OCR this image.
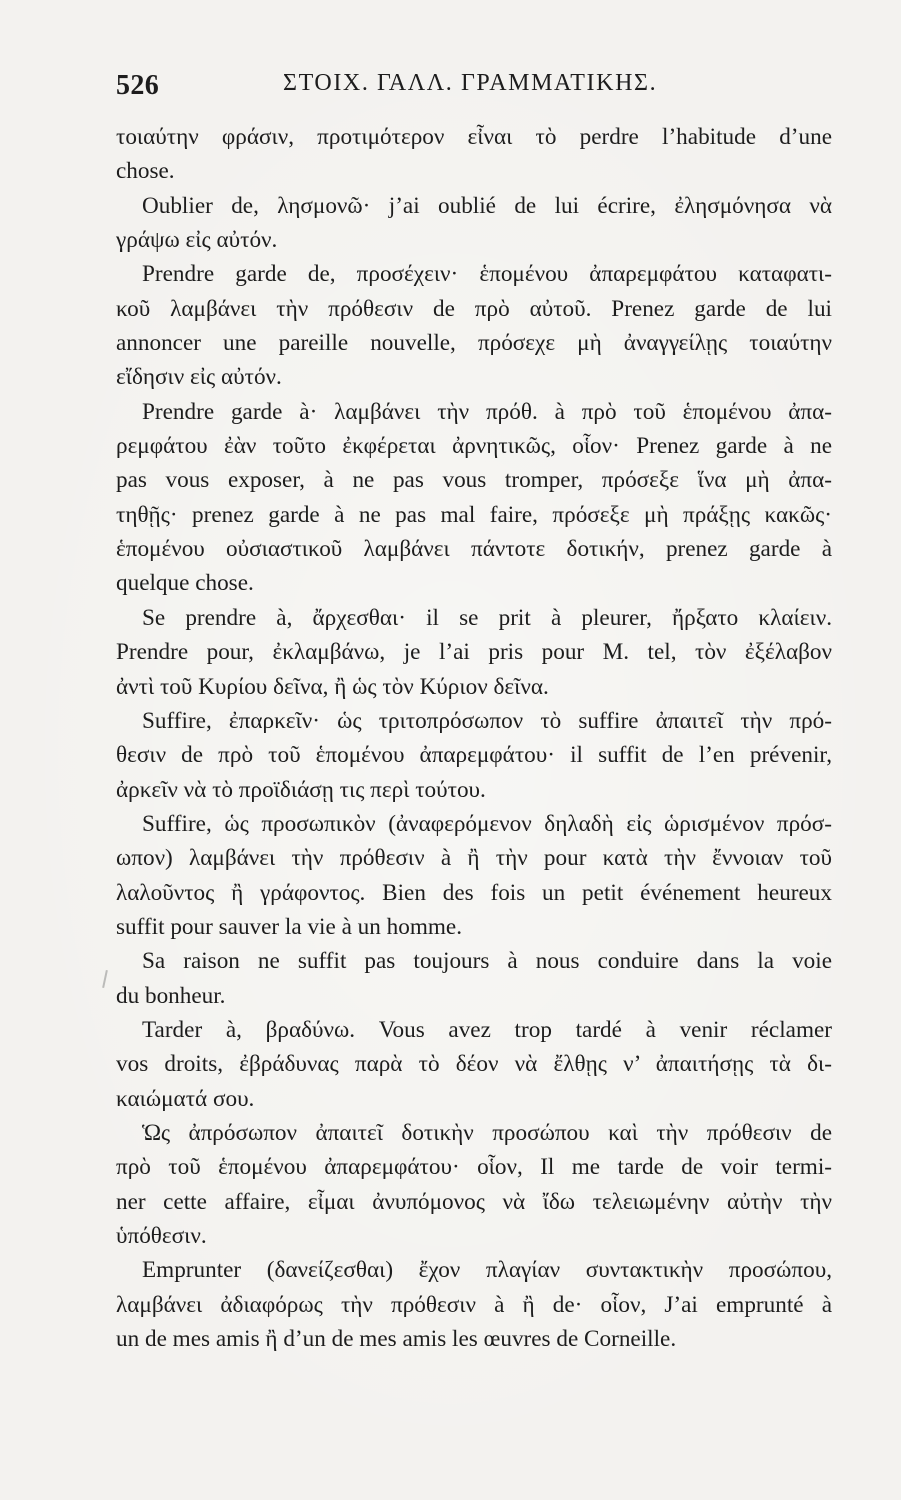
526	ΣΤΟΙΧ. ΓΑΛΛ. ΓΡΑΜΜΑΤΙΚΗΣ.
τοιαύτην φράσιν, προτιμότερον εἶναι τὸ perdre l’habitude d’une
chose.
Oublier de, λησμονῶ· j’ai oublié de lui écrire, ἐλησμόνησα νὰ
γράψω εἰς αὐτόν.
Prendre garde de, προσέχειν· ἑπομένου ἀπαρεμφάτου καταφατι-
κοῦ λαμβάνει τὴν πρόθεσιν de πρὸ αὐτοῦ. Prenez garde de lui
annoncer une pareille nouvelle, πρόσεχε μὴ ἀναγγείλῃς τοιαύτην
εἴδησιν εἰς αὐτόν.
Prendre garde à· λαμβάνει τὴν πρόθ. à πρὸ τοῦ ἑπομένου ἀπα-
ρεμφάτου ἐὰν τοῦτο ἐκφέρεται ἀρνητικῶς, οἷον· Prenez garde à ne
pas vous exposer, à ne pas vous tromper, πρόσεξε ἵνα μὴ ἀπα-
τηθῇς· prenez garde à ne pas mal faire, πρόσεξε μὴ πράξῃς κακῶς·
ἑπομένου οὐσιαστικοῦ λαμβάνει πάντοτε δοτικήν, prenez garde à
quelque chose.
Se prendre à, ἄρχεσθαι· il se prit à pleurer, ἤρξατο κλαίειν.
Prendre pour, ἐκλαμβάνω, je l’ai pris pour M. tel, τὸν ἐξέλαβον
ἀντὶ τοῦ Κυρίου δεῖνα, ἢ ὡς τὸν Κύριον δεῖνα.
Suffire, ἐπαρκεῖν· ὡς τριτοπρόσωπον τὸ suffire ἀπαιτεῖ τὴν πρό-
θεσιν de πρὸ τοῦ ἑπομένου ἀπαρεμφάτου· il suffit de l’en prévenir,
ἀρκεῖν νὰ τὸ προϊδιάσῃ τις περὶ τούτου.
Suffire, ὡς προσωπικὸν (ἀναφερόμενον δηλαδὴ εἰς ὡρισμένον πρόσ-
ωπον) λαμβάνει τὴν πρόθεσιν à ἢ τὴν pour κατὰ τὴν ἔννοιαν τοῦ
λαλοῦντος ἢ γράφοντος. Bien des fois un petit événement heureux
suffit pour sauver la vie à un homme.
Sa raison ne suffit pas toujours à nous conduire dans la voie
du bonheur.
Tarder à, βραδύνω. Vous avez trop tardé à venir réclamer
vos droits, ἐβράδυνας παρὰ τὸ δέον νὰ ἔλθῃς ν’ ἀπαιτήσῃς τὰ δι-
καιώματά σου.
Ὡς ἀπρόσωπον ἀπαιτεῖ δοτικὴν προσώπου καὶ τὴν πρόθεσιν de
πρὸ τοῦ ἑπομένου ἀπαρεμφάτου· οἷον, Il me tarde de voir termi-
ner cette affaire, εἶμαι ἀνυπόμονος νὰ ἴδω τελειωμένην αὐτὴν τὴν
ὑπόθεσιν.
Emprunter (δανείζεσθαι) ἔχον πλαγίαν συντακτικὴν προσώπου,
λαμβάνει ἀδιαφόρως τὴν πρόθεσιν à ἢ de· οἷον, J’ai emprunté à
un de mes amis ἢ d’un de mes amis les œuvres de Corneille.
